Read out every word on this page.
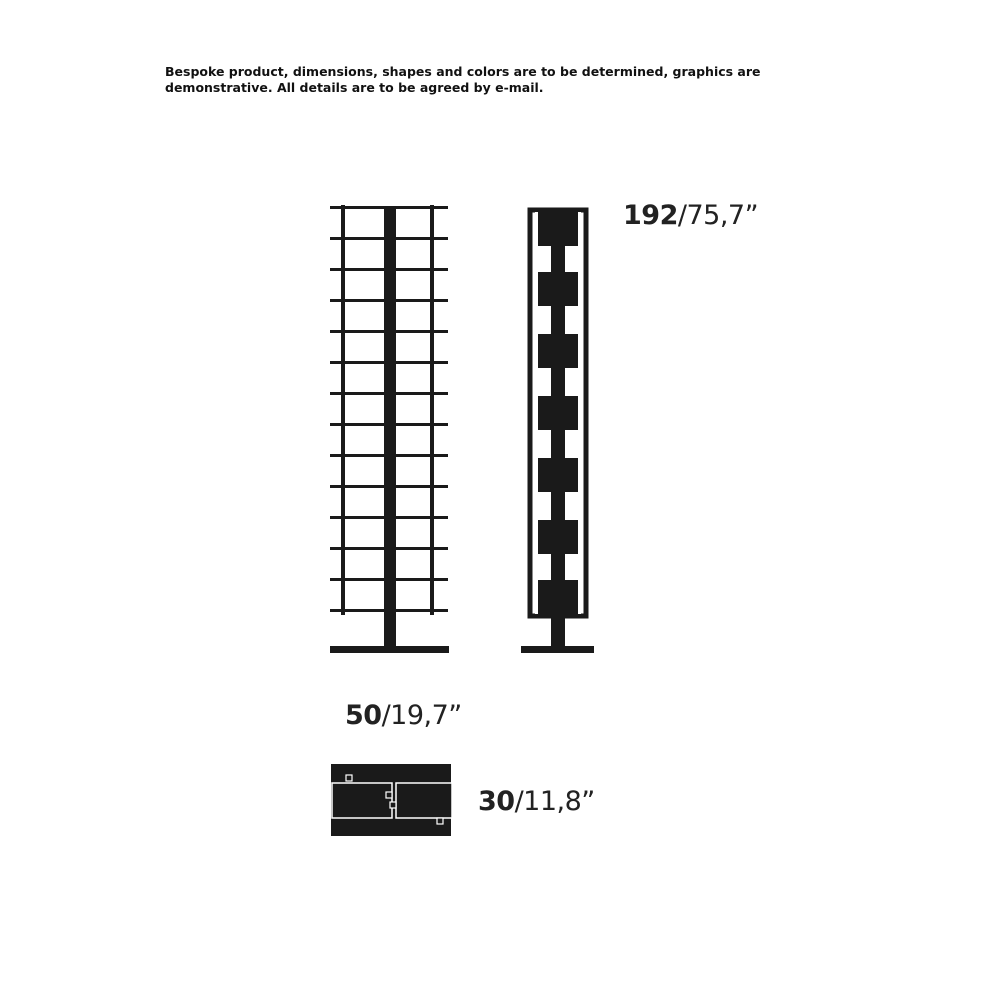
Bespoke product, dimensions, shapes and colors are to be determined, graphics are
demonstrative. All details are to be agreed by e-mail.
192/75,7”
50/19,7”
30/11,8”
